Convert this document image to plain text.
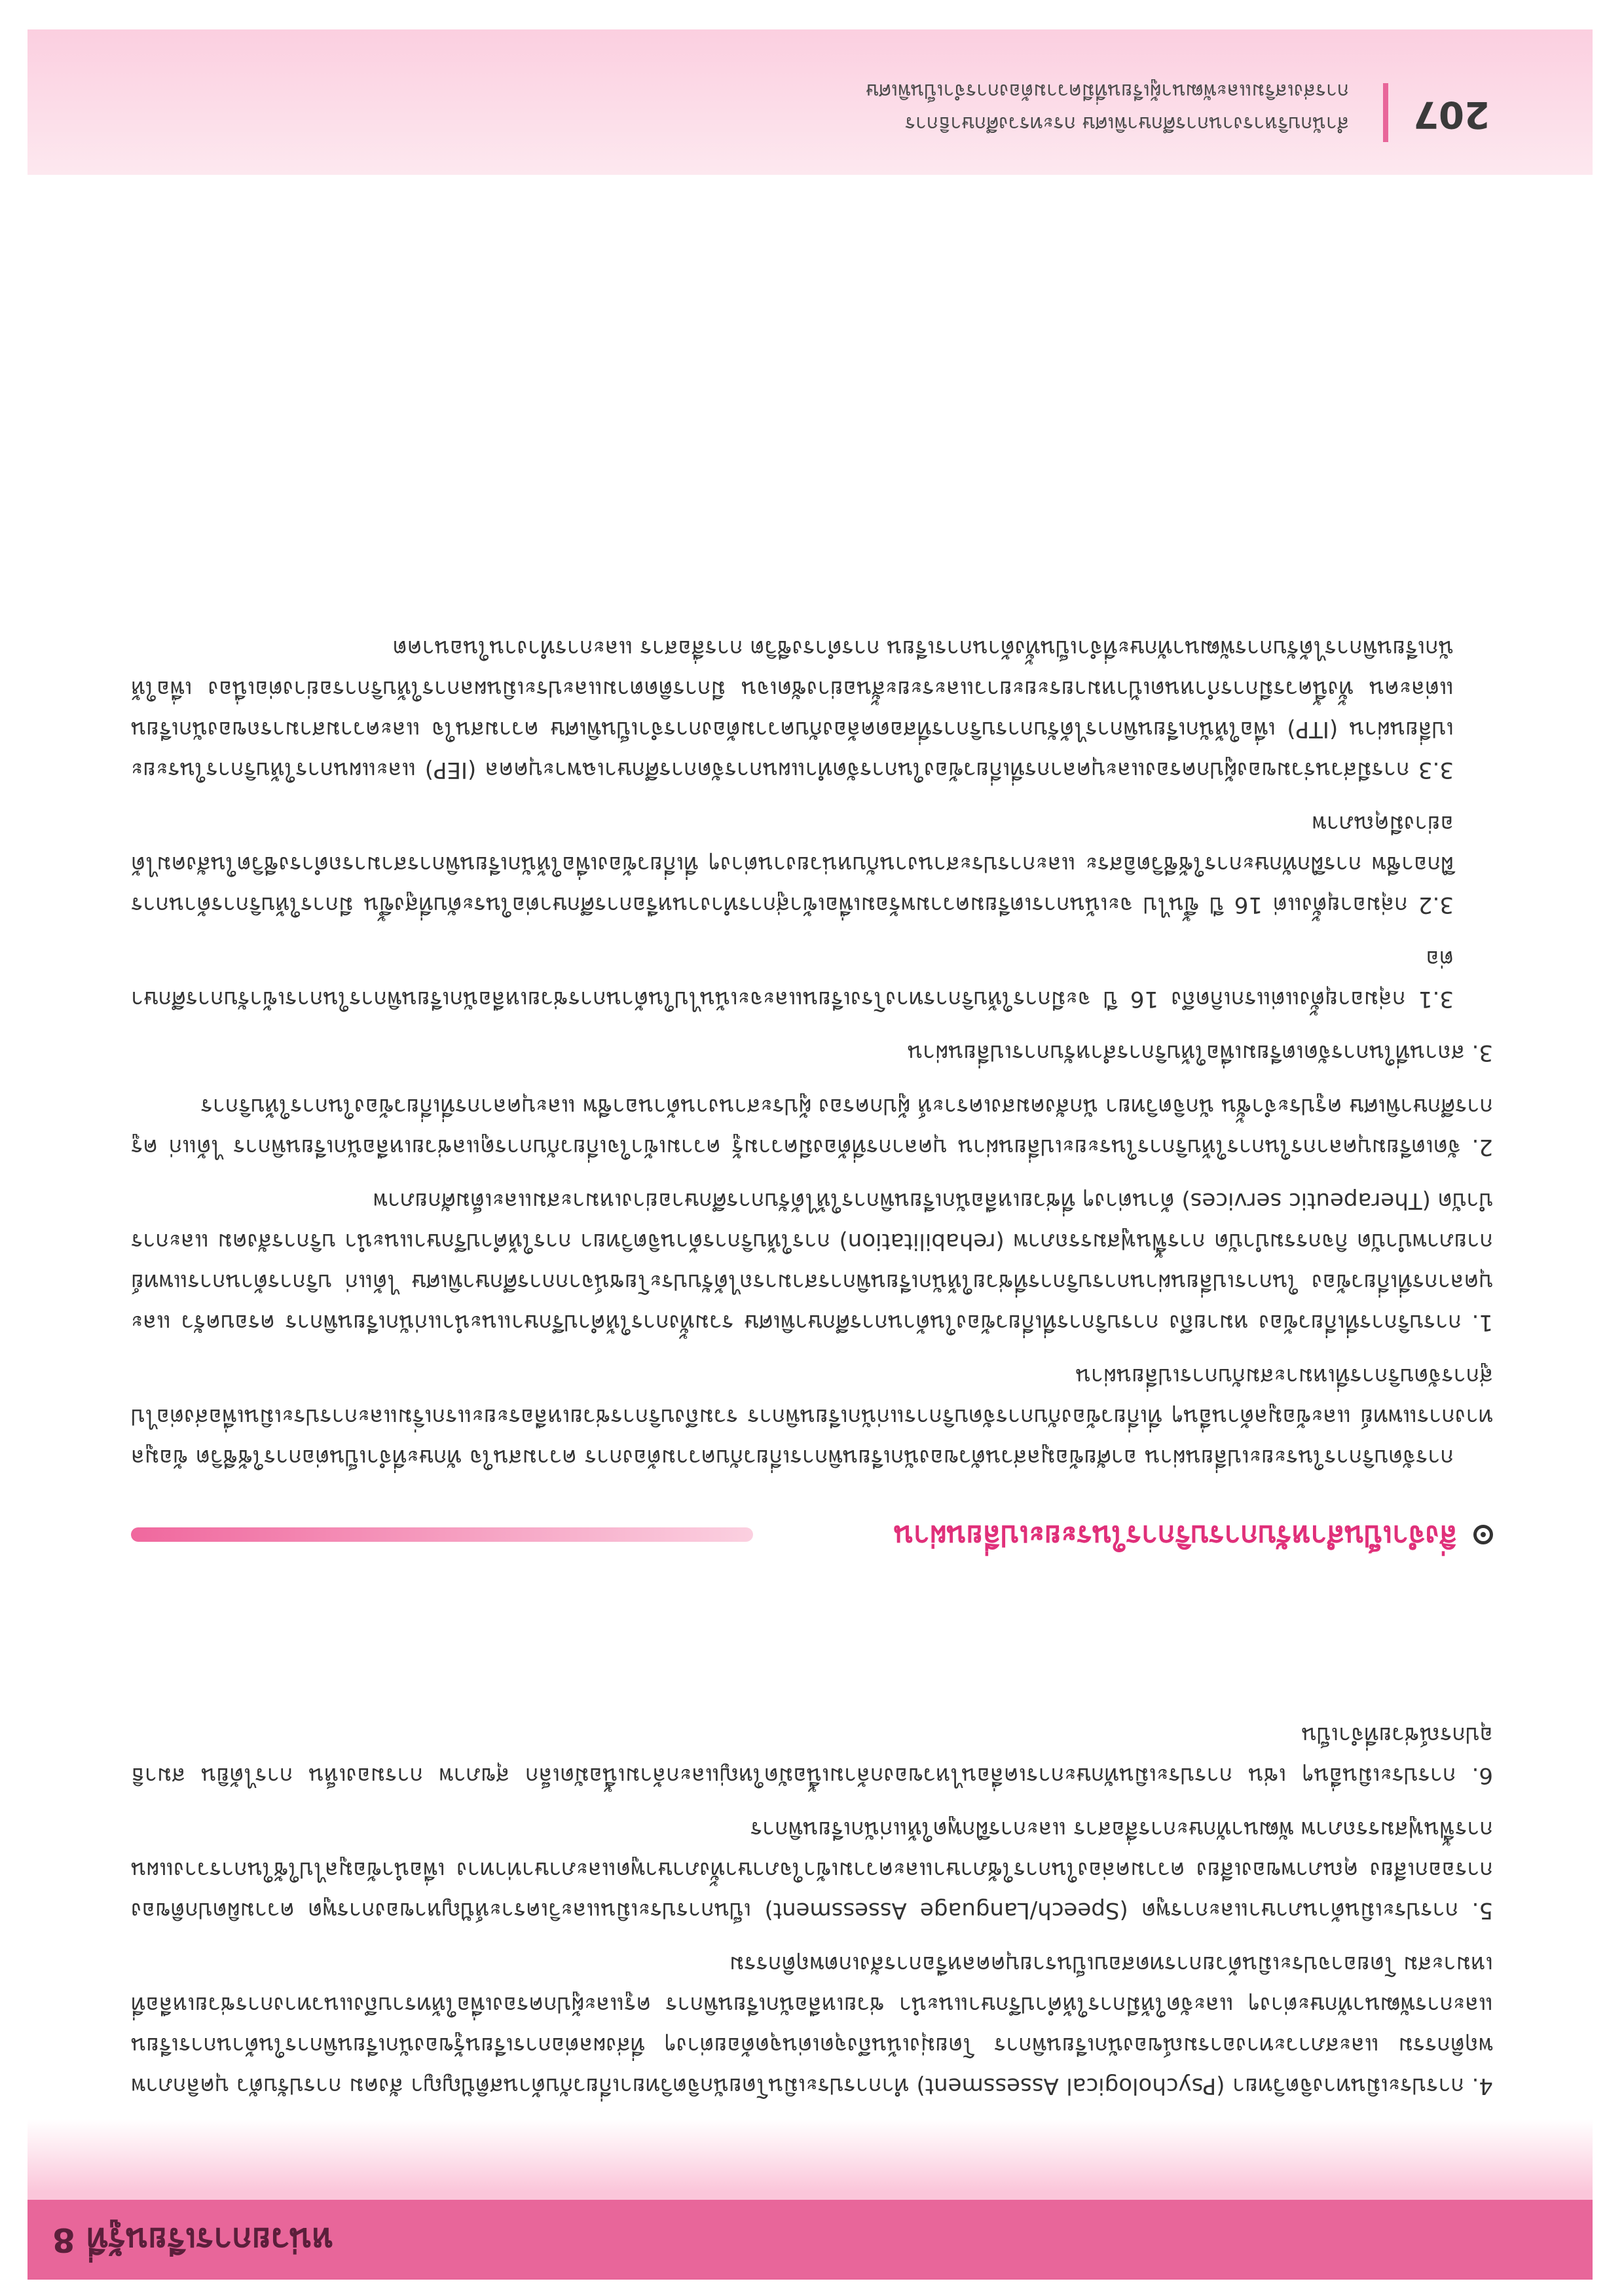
หน่วยการเรียนรู้ที่ 8

4. การประเมินทางจิตวิทยา (Psychological Assessment) ทำการประเมินโดยนักจิตวิทยาเกี่ยวกับด้านสติปัญญา สังคม การปรับตัว บุคลิกภาพ พฤติกรรม และสภาวะทางอารมณ์ของนักเรียนพิการ โดยมุ่งเน้นถึงจุดเด่นจุดด้อยต่างๆ ที่ส่งผลต่อการเรียนรู้ของนักเรียนพิการในด้านการเรียนและการพัฒนาทักษะต่างๆ และจัดให้มีการให้คำปรึกษาแนะนำ ช่วยเหลือนักเรียนพิการ ครูและผู้ปกครองเพื่อให้ทราบถึงแนวทางการช่วยเหลือที่เหมาะสม โดยอาจประเมินด้วยการทดสอบเป็นรายบุคคลหรือการสังเกตพฤติกรรม

5. การประเมินด้านภาษาและการพูด (Speech/Language Assessment) เป็นการประเมินและวิเคราะห์ปัญหาของการพูด ความผิดปกติของการออกเสียง คุณภาพของเสียง ความคล่องในการใช้ภาษาและความเข้าใจภาษาทั้งภาษาพูดและภาษาท่าทาง เพื่อนำข้อมูลไปใช้ในการวางแผนการฟื้นฟูสมรรถภาพ พัฒนาทักษะการสื่อสาร และการฝึกพูดให้แก่นักเรียนพิการ

6. การประเมินอื่นๆ เช่น การประเมินทักษะการเคลื่อนไหวของกล้ามเนื้อมัดใหญ่และกล้ามเนื้อมัดเล็ก สุขภาพ การมองเห็น การได้ยิน สมาธิ อุปกรณ์ช่วยที่จำเป็น

สิ่งจำเป็นสำหรับการบริการในระยะเปลี่ยนผ่าน

การจัดบริการในระยะเปลี่ยนผ่าน อาศัยข้อมูลส่วนตัวของนักเรียนพิการเกี่ยวกับความต้องการ ความสนใจ ทักษะที่จำเป็นต่อการใช้ชีวิต ข้อมูลทางการแพทย์ และข้อมูลด้านอื่นๆ ที่เกี่ยวข้องกับการจัดบริการแก่นักเรียนพิการ รวมถึงบริการช่วยเหลือระยะแรกเริ่มและการประเมินเพื่อส่งต่อไปสู่การจัดบริการที่เหมาะสมกับการเปลี่ยนผ่าน

1. การบริการที่เกี่ยวข้อง หมายถึง การบริการที่เกี่ยวข้องในด้านการศึกษาพิเศษ รวมทั้งการให้คำปรึกษาแนะนำแก่นักเรียนพิการ ครอบครัว และบุคลากรที่เกี่ยวข้อง ในการเปลี่ยนผ่านการบริการที่ช่วยให้นักเรียนพิการสามารถได้รับประโยชน์จากการศึกษาพิเศษ ได้แก่ บริการด้านการแพทย์ กายภาพบำบัด กิจกรรมบำบัด การฟื้นฟูสมรรถภาพ (rehabilitation) การให้บริการด้านจิตวิทยา การให้คำปรึกษาแนะนำ บริการสังคม และการบำบัด (Therapeutic services) ด้านต่างๆ ที่ช่วยเหลือนักเรียนพิการให้ได้รับการศึกษาอย่างเหมาะสมและเต็มศักยภาพ

2. จัดเตรียมบุคลากรในการให้บริการในระยะเปลี่ยนผ่าน บุคลากรที่ต้องมีความรู้ ความเข้าใจเกี่ยวกับการดูแลช่วยเหลือนักเรียนพิการ ได้แก่ ครูการศึกษาพิเศษ ครูประจำชั้น นักจิตวิทยา นักสังคมสงเคราะห์ ผู้ปกครอง ผู้ประสานงานด้านอาชีพ และบุคลากรที่เกี่ยวข้องในการให้บริการ

3. สถานที่ในการจัดเตรียมเพื่อให้บริการสำหรับการเปลี่ยนผ่าน

3.1 กลุ่มอายุตั้งแต่แรกเกิดถึง 16 ปี จะมีการให้บริการทางโรงเรียนและจะเน้นไปในด้านการช่วยเหลือนักเรียนพิการในการเข้ารับการศึกษาต่อ

3.2 กลุ่มอายุตั้งแต่ 16 ปี ขึ้นไป จะเน้นการเตรียมความพร้อมเพื่อเข้าสู่การทำงานหรือการศึกษาต่อในระดับที่สูงขึ้น มีการให้บริการด้านการฝึกอาชีพ การฝึกทักษะการใช้ชีวิตอิสระ และการประสานงานกับหน่วยงานต่างๆ ที่เกี่ยวข้องเพื่อให้นักเรียนพิการสามารถดำรงชีวิตในสังคมได้อย่างมีคุณภาพ

3.3 การมีส่วนร่วมของผู้ปกครองและบุคลากรที่เกี่ยวข้องในการจัดทำแผนการจัดการศึกษาเฉพาะบุคคล (IEP) และแผนการให้บริการในระยะเปลี่ยนผ่าน (ITP) เพื่อให้นักเรียนพิการได้รับการบริการที่สอดคล้องกับความต้องการจำเป็นพิเศษ ความสนใจ และความสามารถของนักเรียนแต่ละคน ทั้งนี้ควรมีการกำหนดเป้าหมายระยะยาวและระยะสั้นอย่างชัดเจน มีการติดตามและประเมินผลการให้บริการอย่างต่อเนื่อง เพื่อให้นักเรียนพิการได้รับการพัฒนาทักษะที่จำเป็นทั้งด้านการเรียน การดำรงชีวิต การสื่อสาร และการทำงานในอนาคต

สำนักบริหารงานการศึกษาพิเศษ กระทรวงศึกษาธิการ
การส่งเสริมและพัฒนาผู้เรียนที่มีความต้องการจำเป็นพิเศษ
207
